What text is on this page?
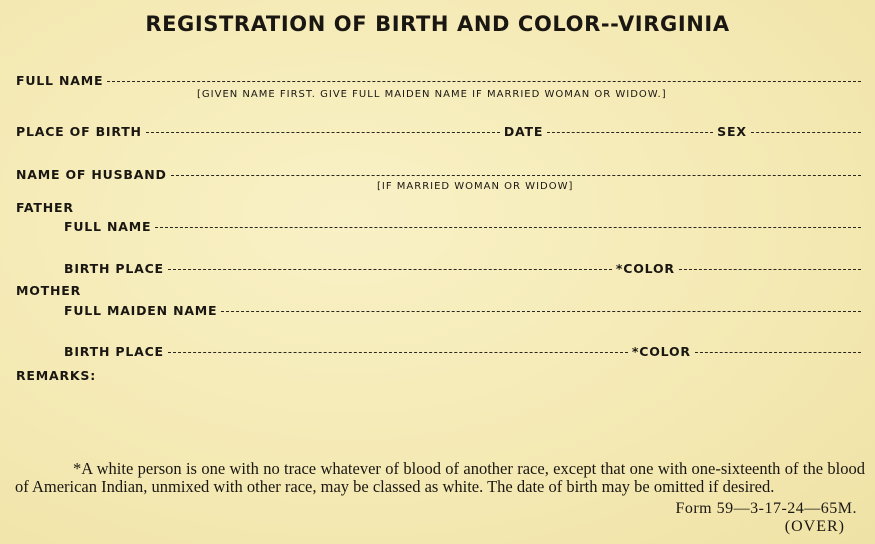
REGISTRATION OF BIRTH AND COLOR--VIRGINIA
FULL NAME
[GIVEN NAME FIRST. GIVE FULL MAIDEN NAME IF MARRIED WOMAN OR WIDOW.]
PLACE OF BIRTH	DATE	SEX
NAME OF HUSBAND
[IF MARRIED WOMAN OR WIDOW]
FATHER
FULL NAME
BIRTH PLACE	*COLOR
MOTHER
FULL MAIDEN NAME
BIRTH PLACE	*COLOR
REMARKS:

*A white person is one with no trace whatever of blood of another race, except that one with one-sixteenth of the blood of American Indian, unmixed with other race, may be classed as white. The date of birth may be omitted if desired.

Form 59—3-17-24—65M.
(OVER)
